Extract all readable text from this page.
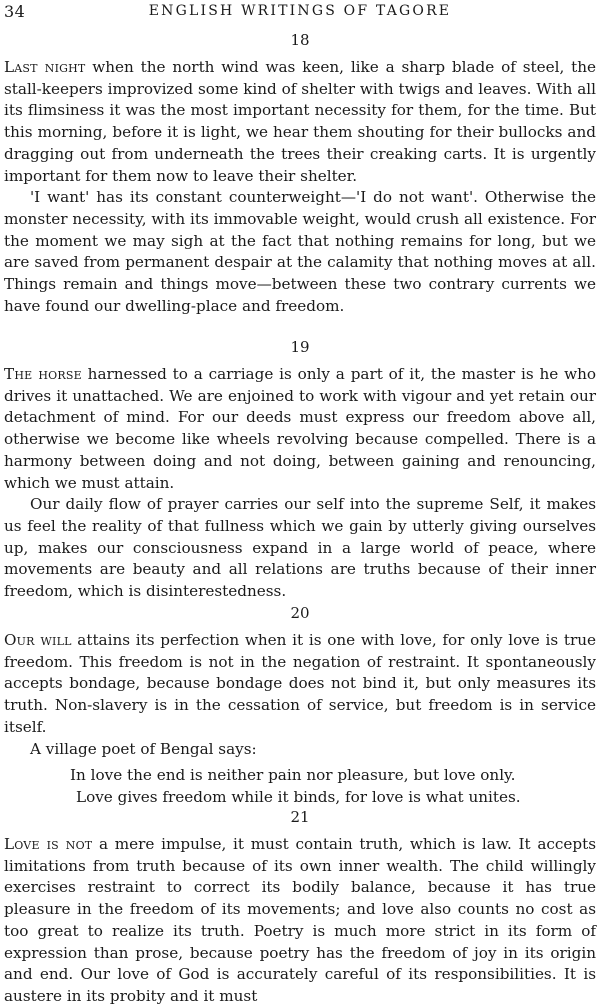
34	ENGLISH WRITINGS OF TAGORE
18

Last night when the north wind was keen, like a sharp blade of steel, the stall-keepers improvized some kind of shelter with twigs and leaves. With all its flimsiness it was the most important necessity for them, for the time. But this morning, before it is light, we hear them shouting for their bullocks and dragging out from underneath the trees their creaking carts. It is urgently important for them now to leave their shelter.

'I want' has its constant counterweight—'I do not want'. Otherwise the monster necessity, with its immovable weight, would crush all existence. For the moment we may sigh at the fact that nothing remains for long, but we are saved from permanent despair at the calamity that nothing moves at all. Things remain and things move—between these two contrary currents we have found our dwelling-place and freedom.

19

The horse harnessed to a carriage is only a part of it, the master is he who drives it unattached. We are enjoined to work with vigour and yet retain our detachment of mind. For our deeds must express our freedom above all, otherwise we become like wheels revolving because compelled. There is a harmony between doing and not doing, between gaining and renouncing, which we must attain.

Our daily flow of prayer carries our self into the supreme Self, it makes us feel the reality of that fullness which we gain by utterly giving ourselves up, makes our consciousness expand in a large world of peace, where movements are beauty and all relations are truths because of their inner freedom, which is disinterestedness.

20

Our will attains its perfection when it is one with love, for only love is true freedom. This freedom is not in the negation of restraint. It spontaneously accepts bondage, because bondage does not bind it, but only measures its truth. Non-slavery is in the cessation of service, but freedom is in service itself.

A village poet of Bengal says:

In love the end is neither pain nor pleasure, but love only.

Love gives freedom while it binds, for love is what unites.

21

Love is not a mere impulse, it must contain truth, which is law. It accepts limitations from truth because of its own inner wealth. The child willingly exercises restraint to correct its bodily balance, because it has true pleasure in the freedom of its movements; and love also counts no cost as too great to realize its truth. Poetry is much more strict in its form of expression than prose, because poetry has the freedom of joy in its origin and end. Our love of God is accurately careful of its responsibilities. It is austere in its probity and it must
